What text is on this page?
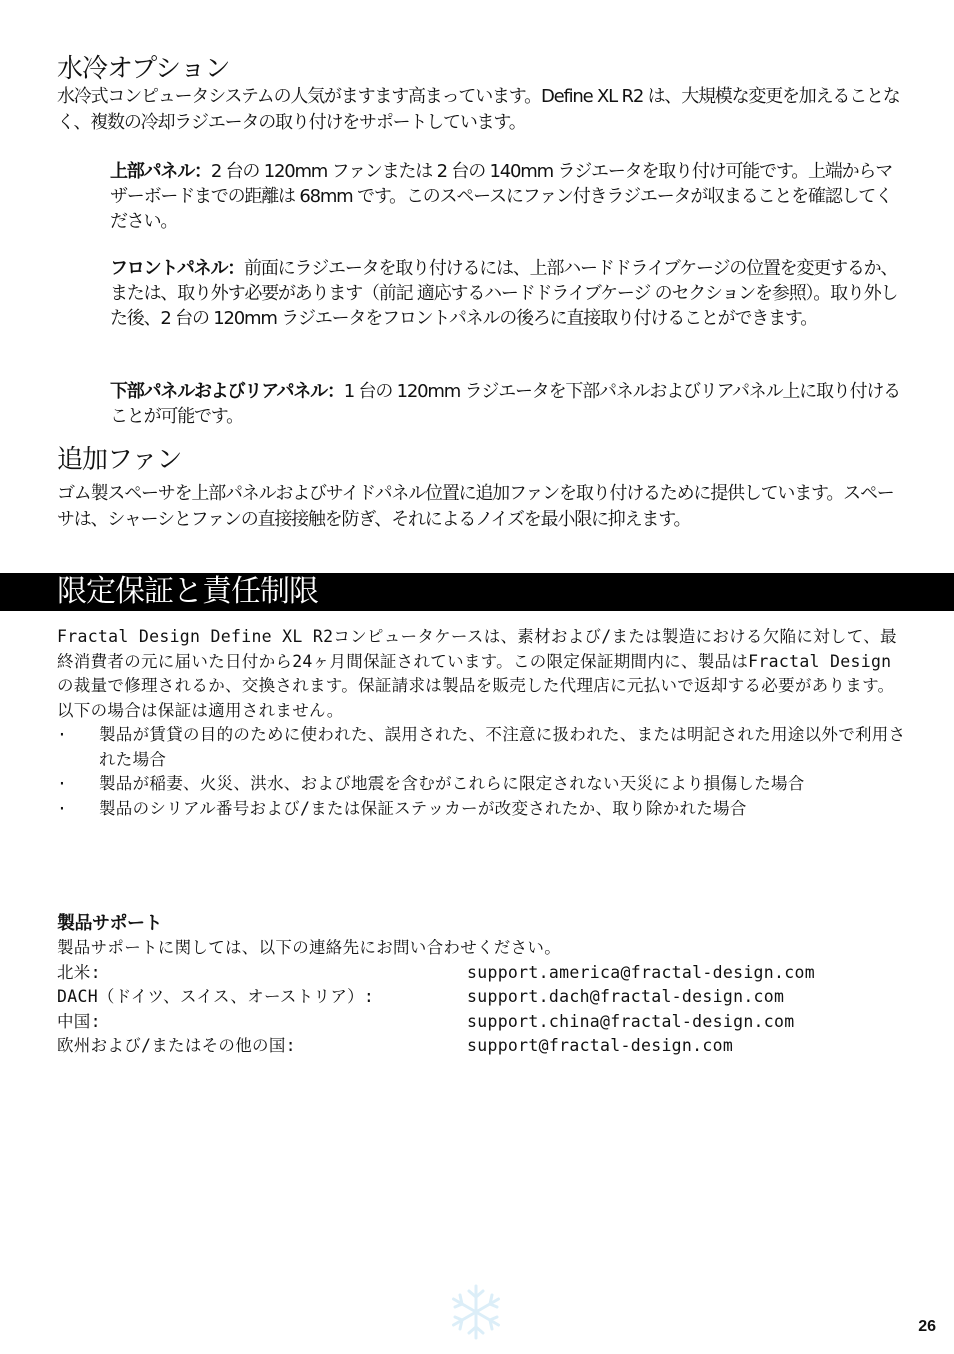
水冷オプション

水冷式コンピュータシステムの人気がますます高まっています。Define XL R2 は、大規模な変更を加えることなく、複数の冷却ラジエータの取り付けをサポートしています。

上部パネル：2 台の 120mm ファンまたは 2 台の 140mm ラジエータを取り付け可能です。上端からマザーボードまでの距離は 68mm です。このスペースにファン付きラジエータが収まることを確認してください。

フロントパネル：前面にラジエータを取り付けるには、上部ハードドライブケージの位置を変更するか、または、取り外す必要があります（前記 適応するハードドライブケージ のセクションを参照）。取り外した後、2 台の 120mm ラジエータをフロントパネルの後ろに直接取り付けることができます。

下部パネルおよびリアパネル：1 台の 120mm ラジエータを下部パネルおよびリアパネル上に取り付けることが可能です。

追加ファン

ゴム製スペーサを上部パネルおよびサイドパネル位置に追加ファンを取り付けるために提供しています。スペーサは、シャーシとファンの直接接触を防ぎ、それによるノイズを最小限に抑えます。

限定保証と責任制限

Fractal Design Define XL R2コンピュータケースは、素材および/または製造における欠陥に対して、最終消費者の元に届いた日付から24ヶ月間保証されています。この限定保証期間内に、製品はFractal Designの裁量で修理されるか、交換されます。保証請求は製品を販売した代理店に元払いで返却する必要があります。

以下の場合は保証は適用されません。

· 製品が賃貸の目的のために使われた、誤用された、不注意に扱われた、または明記された用途以外で利用された場合
· 製品が稲妻、火災、洪水、および地震を含むがこれらに限定されない天災により損傷した場合
· 製品のシリアル番号および/または保証ステッカーが改変されたか、取り除かれた場合
製品サポート

製品サポートに関しては、以下の連絡先にお問い合わせください。

北米:	support.america@fractal-design.com
DACH（ドイツ、スイス、オーストリア）:	support.dach@fractal-design.com
中国:	support.china@fractal-design.com
欧州および/またはその他の国:	support@fractal-design.com
26
